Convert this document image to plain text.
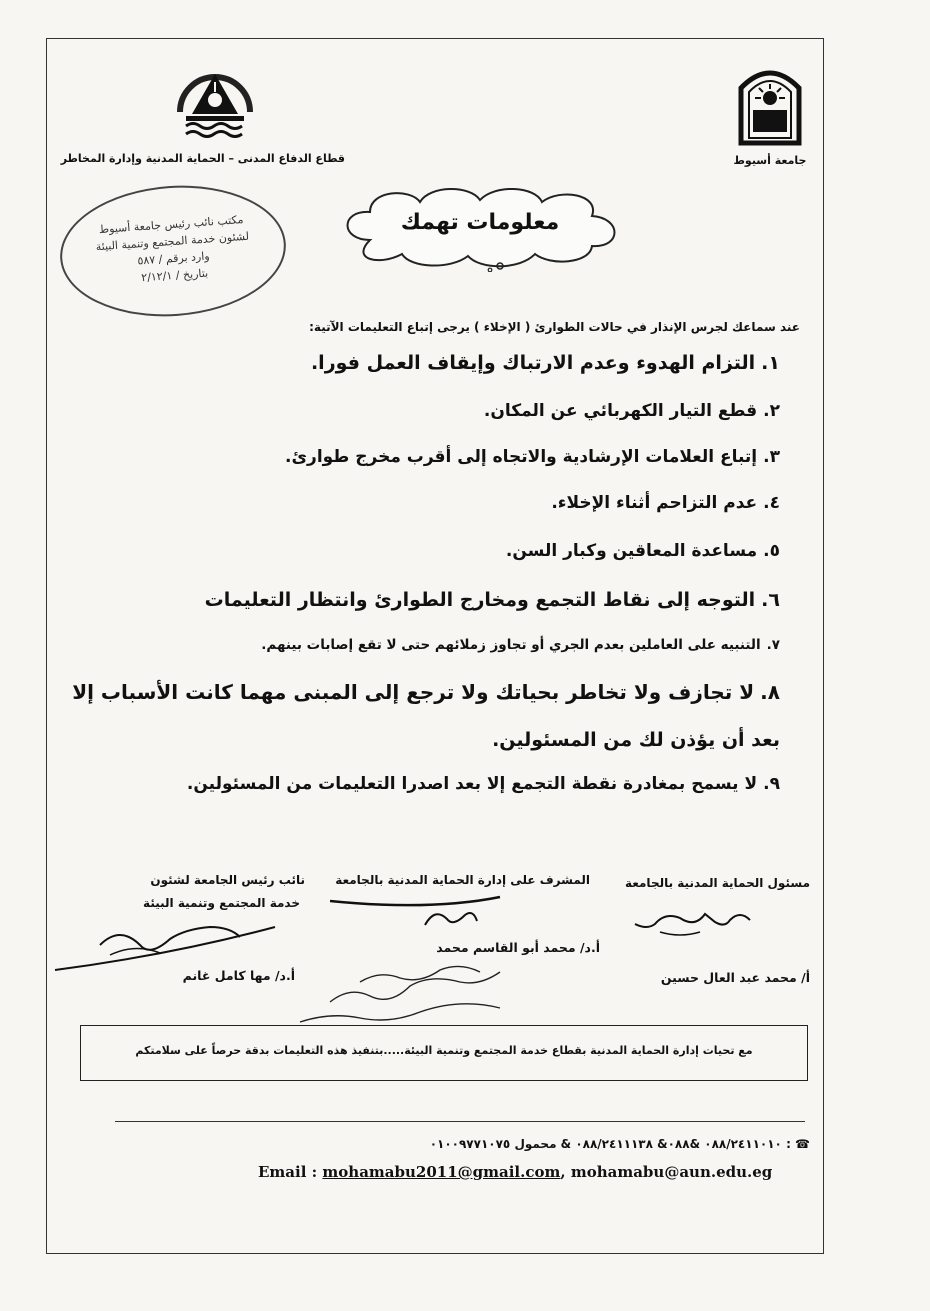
قطاع الدفاع المدنى – الحماية المدنية وإدارة المخاطر	جامعة أسيوط
معلومات تهمك
مكتب نائب رئيس جامعة أسيوط
لشئون خدمة المجتمع وتنمية البيئة
وارد برقم / ٥٨٧
بتاريخ / ٢/١٢/١
عند سماعك لجرس الإنذار في حالات الطوارئ ( الإخلاء ) يرجى إتباع التعليمات الآتية:
١.التزام الهدوء وعدم الارتباك وإيقاف العمل فورا.
٢.قطع التيار الكهربائي عن المكان.
٣.إتباع العلامات الإرشادية والاتجاه إلى أقرب مخرج طوارئ.
٤.عدم التزاحم أثناء الإخلاء.
٥.مساعدة المعاقين وكبار السن.
٦.التوجه إلى نقاط التجمع ومخارج الطوارئ وانتظار التعليمات
٧.التنبيه على العاملين بعدم الجري أو تجاوز زملائهم حتى لا تقع إصابات بينهم.
٨.لا تجازف ولا تخاطر بحياتك ولا ترجع إلى المبنى مهما كانت الأسباب إلا
بعد أن يؤذن لك من المسئولين.
٩.لا يسمح بمغادرة نقطة التجمع إلا بعد اصدرا التعليمات من المسئولين.
مسئول الحماية المدنية بالجامعة
المشرف على إدارة الحماية المدنية بالجامعة
نائب رئيس الجامعة لشئون
خدمة المجتمع وتنمية البيئة
أ/ محمد عبد العال حسين
أ.د/ محمد أبو القاسم محمد
أ.د/ مها كامل غانم
مع تحيات إدارة الحماية المدنية بقطاع خدمة المجتمع وتنمية البيئة.....بتنفيذ هذه التعليمات بدقة حرصاً على سلامتكم
☎ : ٠٨٨/٢٤١١٠١٠ &٠٨٨& ٠٨٨/٢٤١١١٣٨ & محمول ٠١٠٠٩٧٧١٠٧٥
Email : mohamabu2011@gmail.com, mohamabu@aun.edu.eg
